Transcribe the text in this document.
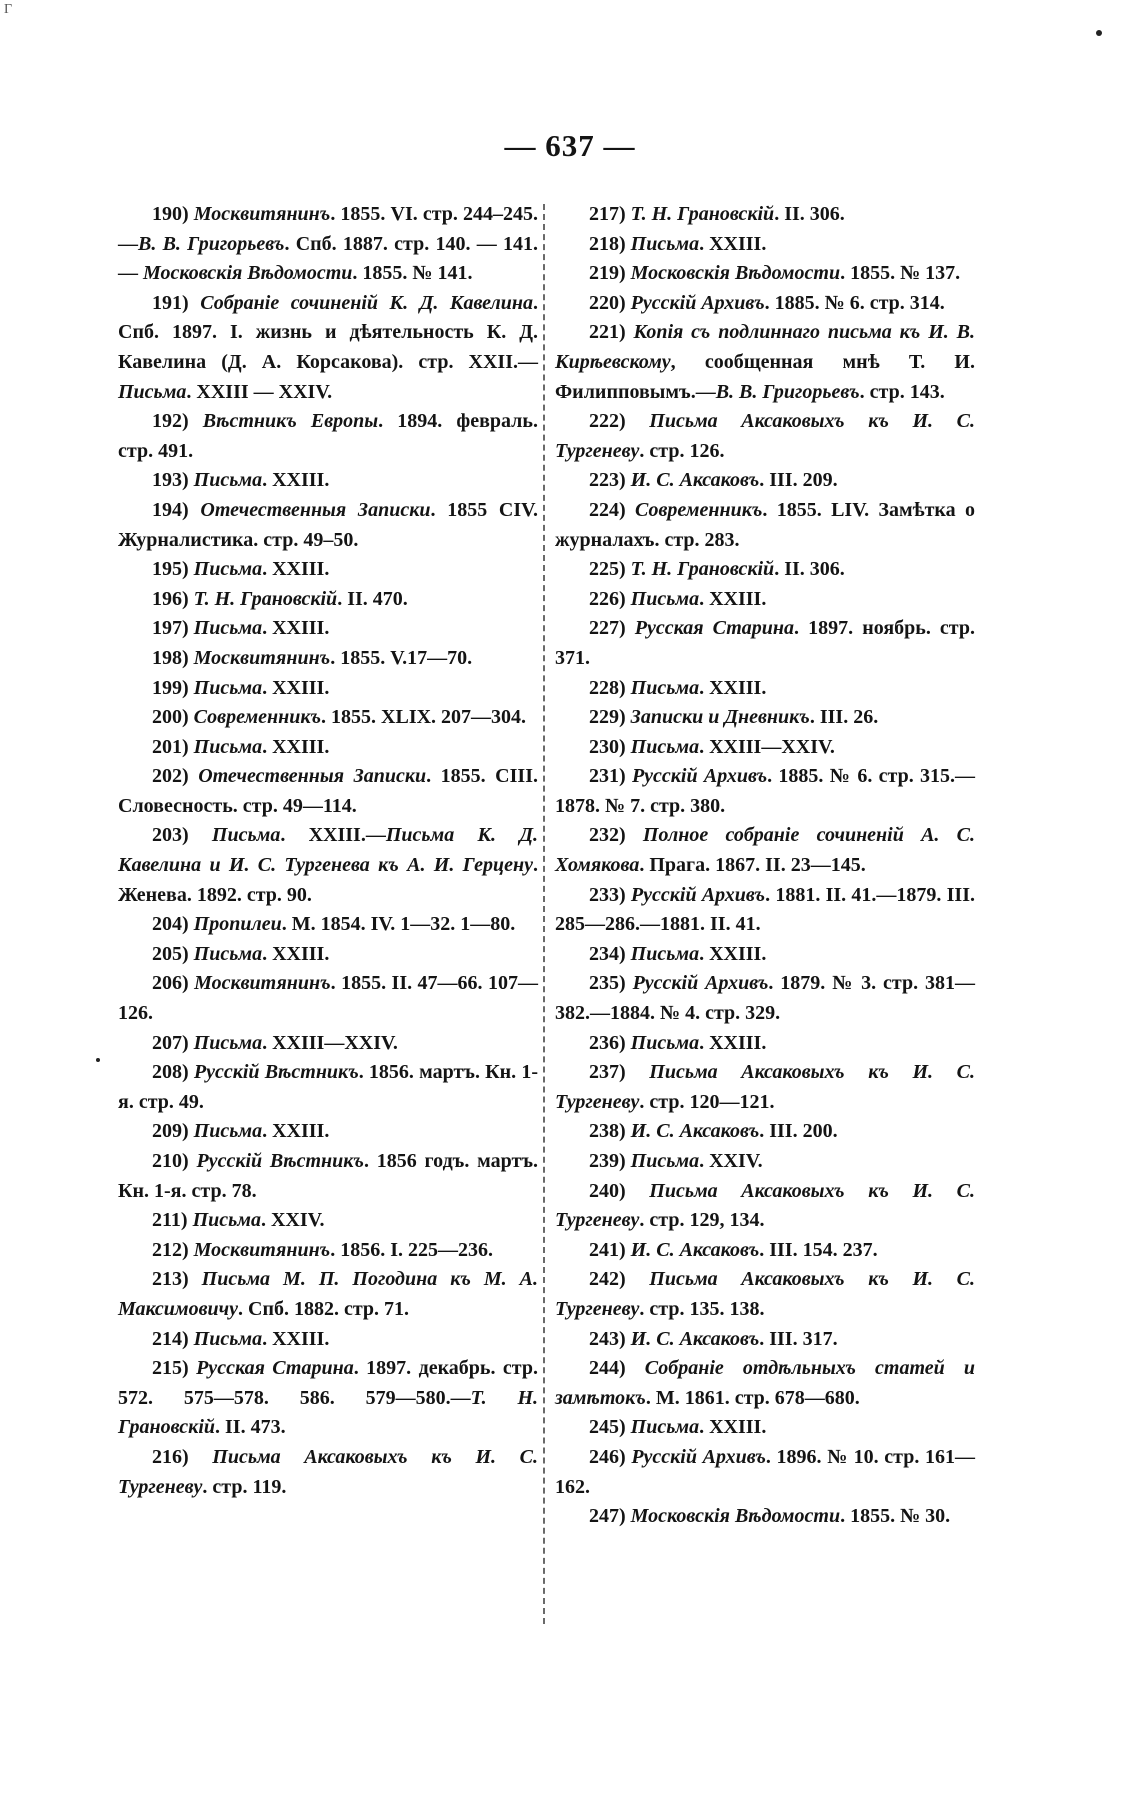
Г
— 637 —

190) Москвитянинъ. 1855. VI. стр. 244–245.—В. В. Григорьевъ. Спб. 1887. стр. 140. — 141. — Московскія Вѣдомости. 1855. № 141.

191) Собраніе сочиненій К. Д. Кавелина. Спб. 1897. I. жизнь и дѣятельность К. Д. Кавелина (Д. А. Корсакова). стр. XXII.—Письма. XXIII — XXIV.

192) Вѣстникъ Европы. 1894. февраль. стр. 491.

193) Письма. XXIII.

194) Отечественныя Записки. 1855 CIV. Журналистика. стр. 49–50.

195) Письма. XXIII.

196) Т. Н. Грановскій. II. 470.

197) Письма. XXIII.

198) Москвитянинъ. 1855. V.17—70.

199) Письма. XXIII.

200) Современникъ. 1855. XLIX. 207—304.

201) Письма. XXIII.

202) Отечественныя Записки. 1855. CIII. Словесность. стр. 49—114.

203) Письма. XXIII.—Письма К. Д. Кавелина и И. С. Тургенева къ А. И. Герцену. Женева. 1892. стр. 90.

204) Пропилеи. М. 1854. IV. 1—32. 1—80.

205) Письма. XXIII.

206) Москвитянинъ. 1855. II. 47—66. 107—126.

207) Письма. XXIII—XXIV.

208) Русскій Вѣстникъ. 1856. мартъ. Кн. 1-я. стр. 49.

209) Письма. XXIII.

210) Русскій Вѣстникъ. 1856 годъ. мартъ. Кн. 1-я. стр. 78.

211) Письма. XXIV.

212) Москвитянинъ. 1856. I. 225—236.

213) Письма М. П. Погодина къ М. А. Максимовичу. Спб. 1882. стр. 71.

214) Письма. XXIII.

215) Русская Старина. 1897. декабрь. стр. 572. 575—578. 586. 579—580.—Т. Н. Грановскій. II. 473.

216) Письма Аксаковыхъ къ И. С. Тургеневу. стр. 119.

217) Т. Н. Грановскій. II. 306.

218) Письма. XXIII.

219) Московскія Вѣдомости. 1855. № 137.

220) Русскій Архивъ. 1885. № 6. стр. 314.

221) Копія съ подлиннаго письма къ И. В. Кирѣевскому, сообщенная мнѣ Т. И. Филипповымъ.—В. В. Григорьевъ. стр. 143.

222) Письма Аксаковыхъ къ И. С. Тургеневу. стр. 126.

223) И. С. Аксаковъ. III. 209.

224) Современникъ. 1855. LIV. Замѣтка о журналахъ. стр. 283.

225) Т. Н. Грановскій. II. 306.

226) Письма. XXIII.

227) Русская Старина. 1897. ноябрь. стр. 371.

228) Письма. XXIII.

229) Записки и Дневникъ. III. 26.

230) Письма. XXIII—XXIV.

231) Русскій Архивъ. 1885. № 6. стр. 315.—1878. № 7. стр. 380.

232) Полное собраніе сочиненій А. С. Хомякова. Прага. 1867. II. 23—145.

233) Русскій Архивъ. 1881. II. 41.—1879. III. 285—286.—1881. II. 41.

234) Письма. XXIII.

235) Русскій Архивъ. 1879. № 3. стр. 381—382.—1884. № 4. стр. 329.

236) Письма. XXIII.

237) Письма Аксаковыхъ къ И. С. Тургеневу. стр. 120—121.

238) И. С. Аксаковъ. III. 200.

239) Письма. XXIV.

240) Письма Аксаковыхъ къ И. С. Тургеневу. стр. 129, 134.

241) И. С. Аксаковъ. III. 154. 237.

242) Письма Аксаковыхъ къ И. С. Тургеневу. стр. 135. 138.

243) И. С. Аксаковъ. III. 317.

244) Собраніе отдѣльныхъ статей и замѣтокъ. М. 1861. стр. 678—680.

245) Письма. XXIII.

246) Русскій Архивъ. 1896. № 10. стр. 161—162.

247) Московскія Вѣдомости. 1855. № 30.
